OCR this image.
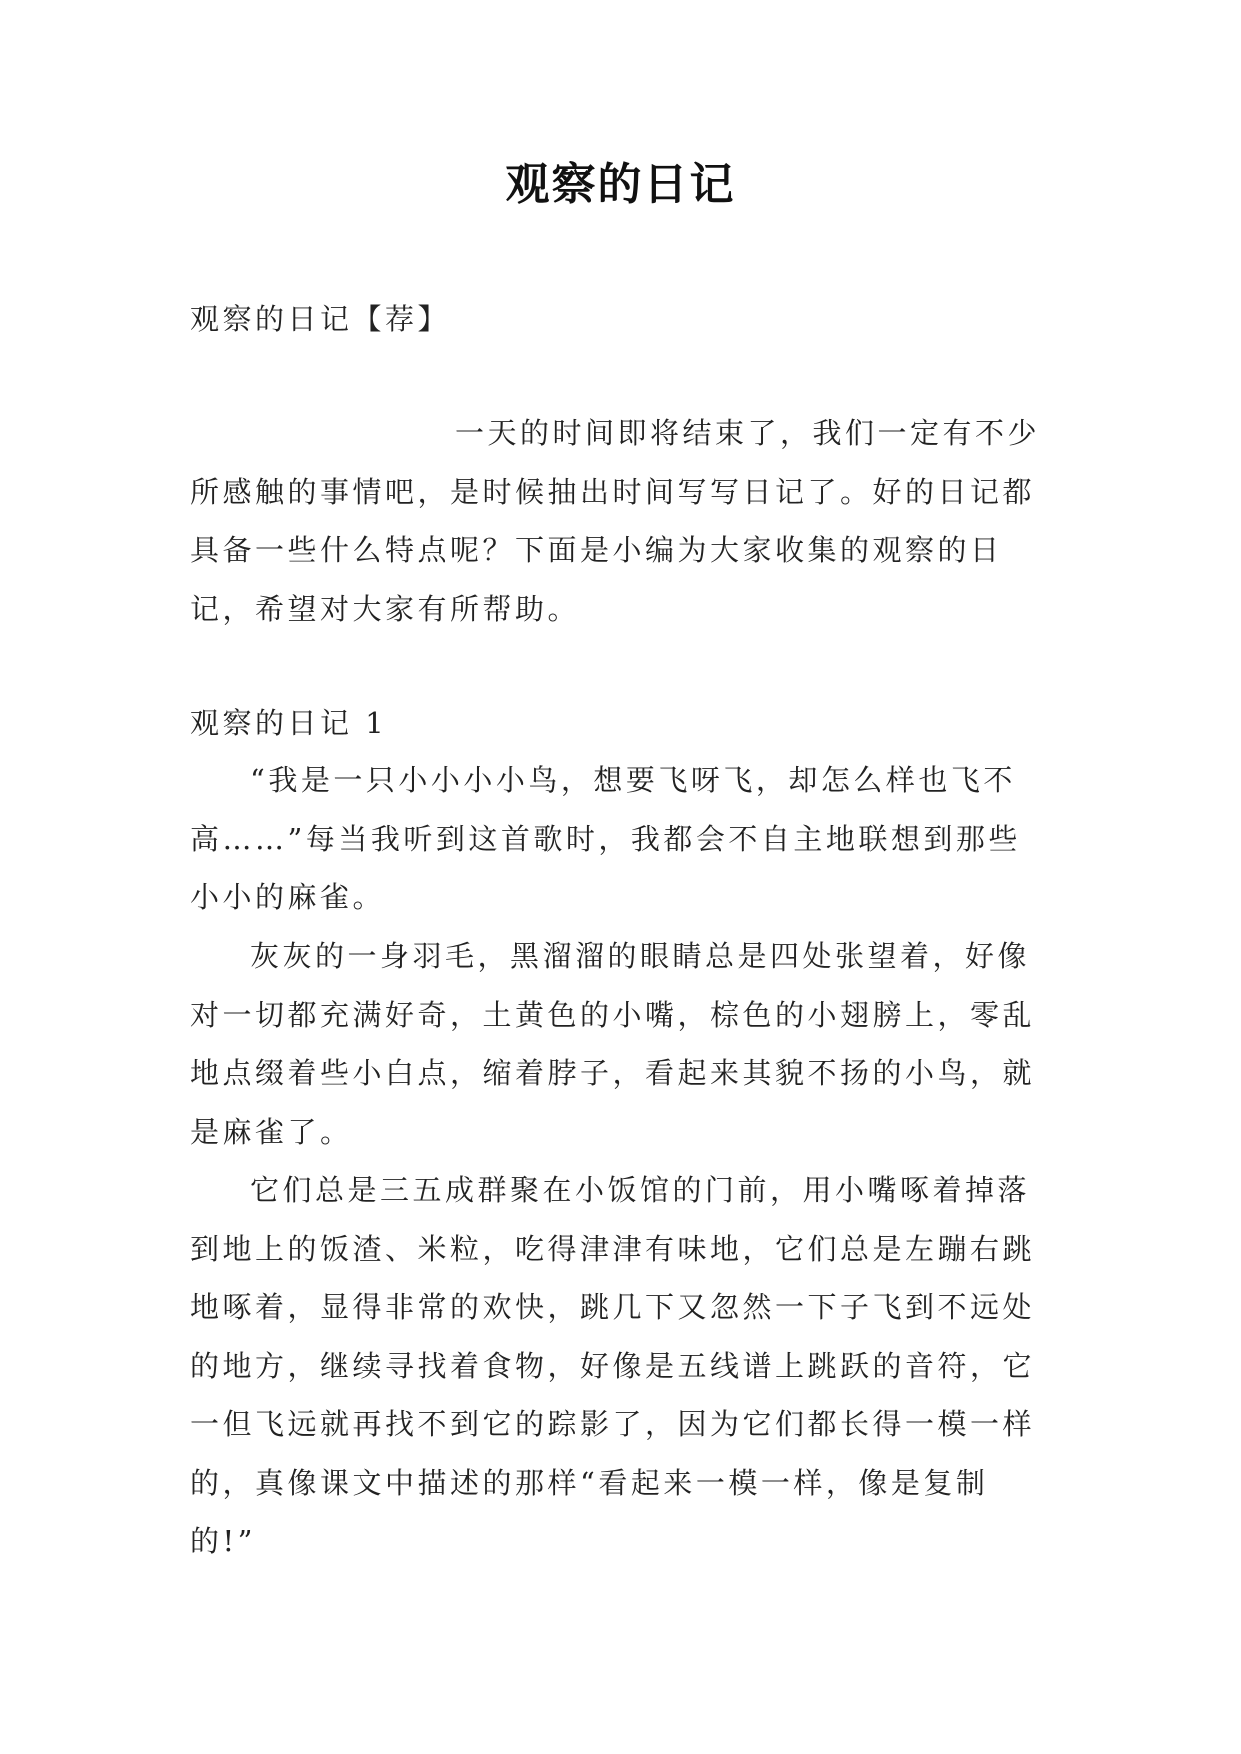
观察的日记
观察的日记【荐】
一天的时间即将结束了，我们一定有不少所感触的事情吧，是时候抽出时间写写日记了。好的日记都具备一些什么特点呢？下面是小编为大家收集的观察的日记，希望对大家有所帮助。
观察的日记 1
“我是一只小小小小鸟，想要飞呀飞，却怎么样也飞不高……”每当我听到这首歌时，我都会不自主地联想到那些小小的麻雀。
灰灰的一身羽毛，黑溜溜的眼睛总是四处张望着，好像对一切都充满好奇，土黄色的小嘴，棕色的小翅膀上，零乱地点缀着些小白点，缩着脖子，看起来其貌不扬的小鸟，就是麻雀了。
它们总是三五成群聚在小饭馆的门前，用小嘴啄着掉落到地上的饭渣、米粒，吃得津津有味地，它们总是左蹦右跳地啄着，显得非常的欢快，跳几下又忽然一下子飞到不远处的地方，继续寻找着食物，好像是五线谱上跳跃的音符，它一但飞远就再找不到它的踪影了，因为它们都长得一模一样的，真像课文中描述的那样“看起来一模一样，像是复制的!”
